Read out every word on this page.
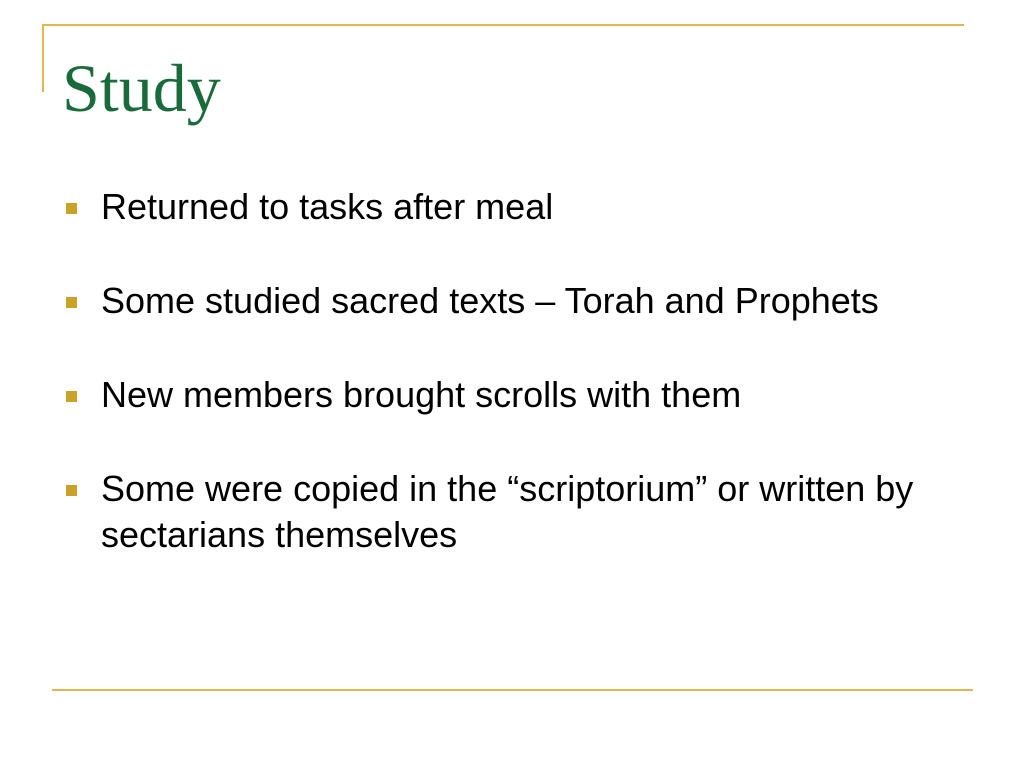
Study
Returned to tasks after meal
Some studied sacred texts – Torah and Prophets
New members brought scrolls with them
Some were copied in the “scriptorium” or written by sectarians themselves
